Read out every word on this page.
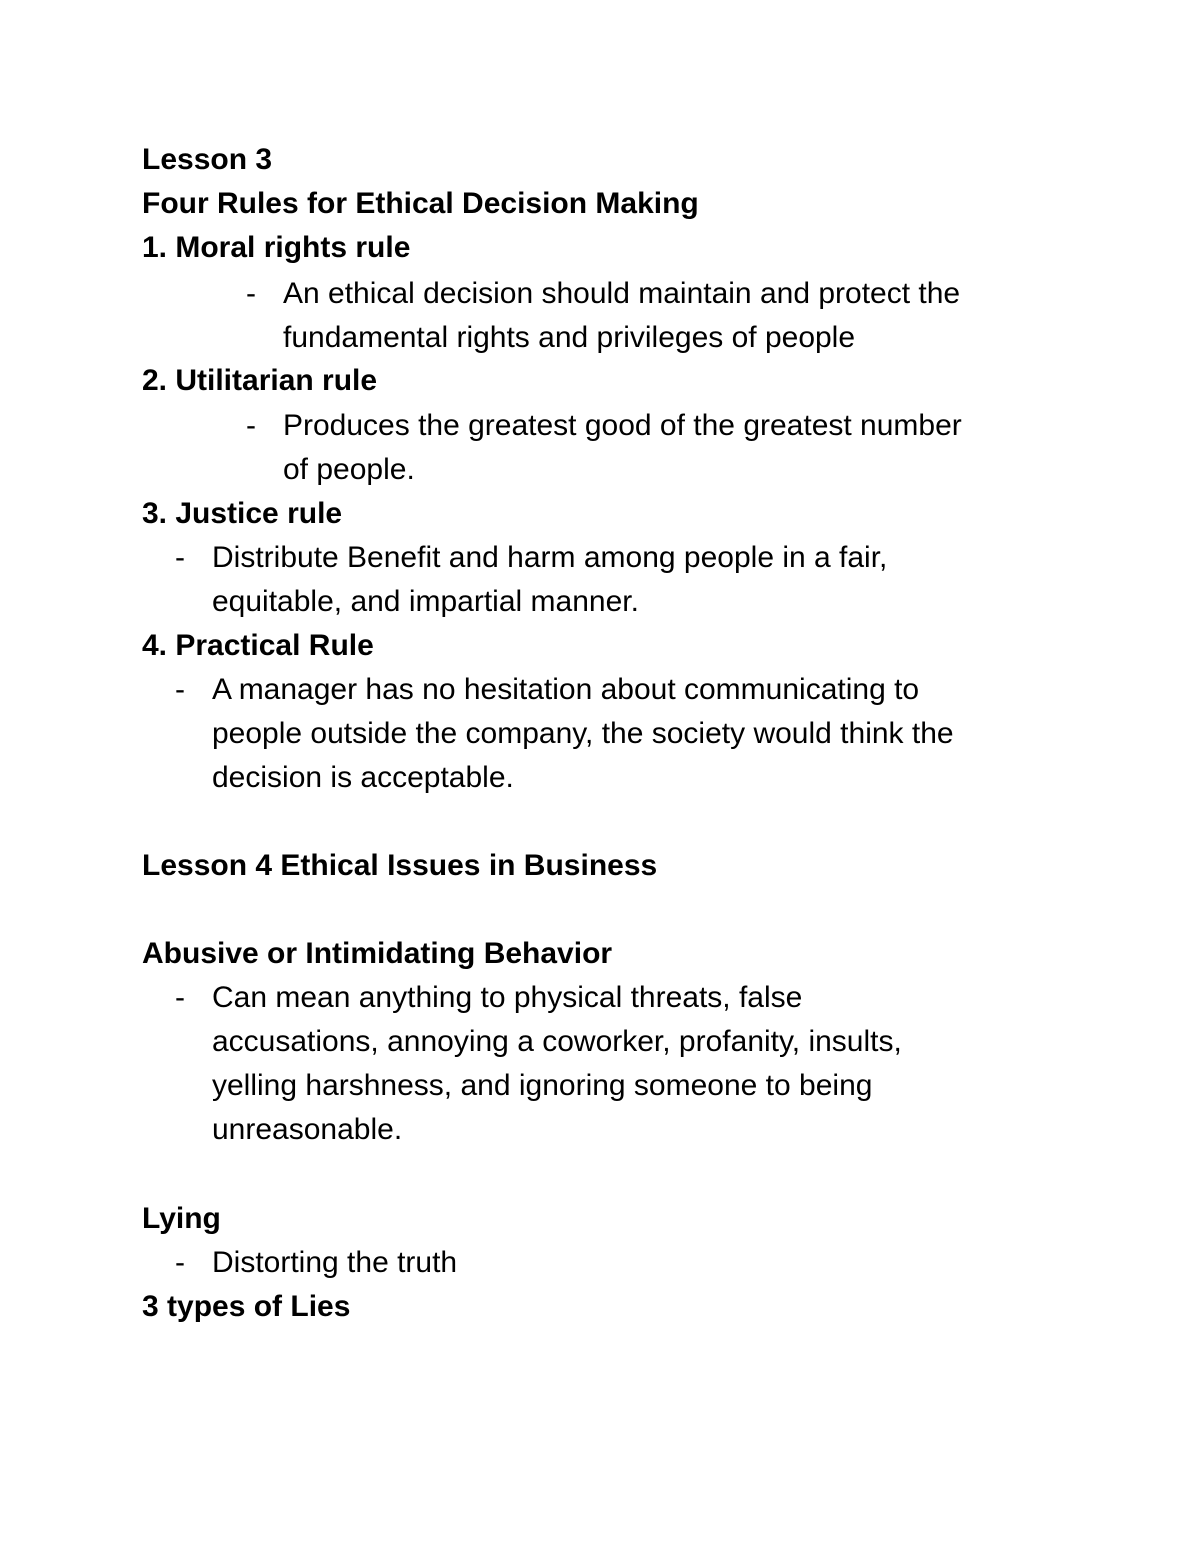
Lesson 3
Four Rules for Ethical Decision Making
1. Moral rights rule
- An ethical decision should maintain and protect the
fundamental rights and privileges of people
2. Utilitarian rule
- Produces the greatest good of the greatest number
of people.
3. Justice rule
- Distribute Benefit and harm among people in a fair,
equitable, and impartial manner.
4. Practical Rule
- A manager has no hesitation about communicating to
people outside the company, the society would think the
decision is acceptable.
Lesson 4 Ethical Issues in Business
Abusive or Intimidating Behavior
- Can mean anything to physical threats, false
accusations, annoying a coworker, profanity, insults,
yelling harshness, and ignoring someone to being
unreasonable.
Lying
- Distorting the truth
3 types of Lies
